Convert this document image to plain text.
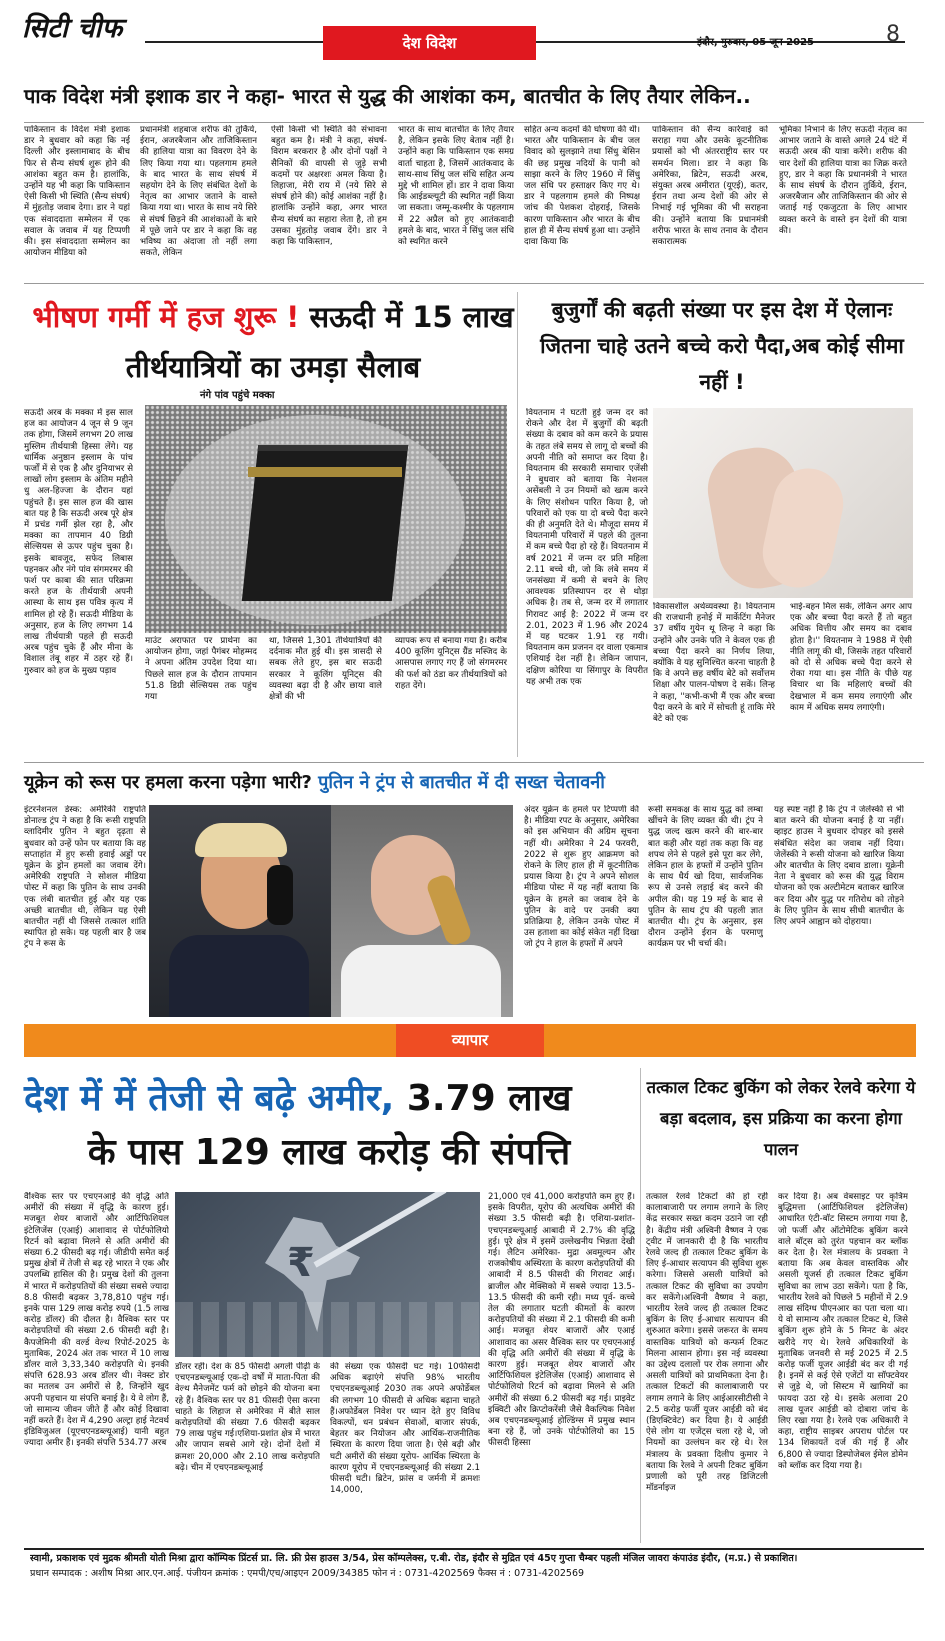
सिटी चीफ	देश विदेश	इंदौर, गुरुवार, 05 जून 2025	8
पाक विदेश मंत्री इशाक डार ने कहा- भारत से युद्ध की आशंका कम, बातचीत के लिए तैयार लेकिन..
पाकिस्तान के विदेश मंत्री इशाक डार ने बुधवार को कहा कि नई दिल्ली और इस्लामाबाद के बीच फिर से सैन्य संघर्ष शुरू होने की आशंका बहुत कम है। हालांकि, उन्होंने यह भी कहा कि पाकिस्तान ऐसी किसी भी स्थिति (सैन्य संघर्ष) में मुंहतोड़ जवाब देगा। डार ने यहां एक संवाददाता सम्मेलन में एक सवाल के जवाब में यह टिप्पणी की। इस संवाददाता सम्मेलन का आयोजन मीडिया को
प्रधानमंत्री शहबाज शरीफ की तुर्किये, ईरान, अजरबैजान और ताजिकिस्तान की हालिया यात्रा का विवरण देने के लिए किया गया था। पहलगाम हमले के बाद भारत के साथ संघर्ष में सहयोग देने के लिए संबंधित देशों के नेतृत्व का आभार जताने के वास्ते किया गया था। भारत के साथ नये सिरे से संघर्ष छिड़ने की आशंकाओं के बारे में पूछे जाने पर डार ने कहा कि वह भविष्य का अंदाजा तो नहीं लगा सकते, लेकिन
ऐसी किसी भी स्थिति की संभावना बहुत कम है। मंत्री ने कहा, संघर्ष-विराम बरकरार है और दोनों पक्षों ने सैनिकों की वापसी से जुड़े सभी कदमों पर अक्षरशः अमल किया है। लिहाजा, मेरी राय में (नये सिरे से संघर्ष होने की) कोई आशंका नहीं है। हालांकि उन्होंने कहा, अगर भारत सैन्य संघर्ष का सहारा लेता है, तो हम उसका मुंहतोड़ जवाब देंगे। डार ने कहा कि पाकिस्तान,
भारत के साथ बातचीत के लिए तैयार है, लेकिन इसके लिए बेताब नहीं है। उन्होंने कहा कि पाकिस्तान एक समग्र वार्ता चाहता है, जिसमें आतंकवाद के साथ-साथ सिंधु जल संधि सहित अन्य मुद्दे भी शामिल हों। डार ने दावा किया कि आईडब्ल्यूटी की स्थगित नहीं किया जा सकता। जम्मू-कश्मीर के पहलगाम में 22 अप्रैल को हुए आतंकवादी हमले के बाद, भारत ने सिंधु जल संधि को स्थगित करने
सहित अन्य कदमों की घोषणा की थी। भारत और पाकिस्तान के बीच जल विवाद को सुलझाने तथा सिंधु बेसिन की छह प्रमुख नदियों के पानी को साझा करने के लिए 1960 में सिंधु जल संधि पर हस्ताक्षर किए गए थे। डार ने पहलगाम हमले की निष्पक्ष जांच की पेशकश दोहराई, जिसके कारण पाकिस्तान और भारत के बीच हाल ही में सैन्य संघर्ष हुआ था। उन्होंने दावा किया कि
पाकिस्तान की सैन्य कार्रवाई को सराहा गया और उसके कूटनीतिक प्रयासों को भी अंतरराष्ट्रीय स्तर पर समर्थन मिला। डार ने कहा कि अमेरिका, ब्रिटेन, सऊदी अरब, संयुक्त अरब अमीरात (यूएई), कतर, ईरान तथा अन्य देशों की ओर से निभाई गई भूमिका की भी सराहना की। उन्होंने बताया कि प्रधानमंत्री शरीफ भारत के साथ तनाव के दौरान सकारात्मक
भूमिका निभाने के लिए सऊदी नेतृत्व का आभार जताने के वास्ते अगले 24 घंटे में सऊदी अरब की यात्रा करेंगे। शरीफ की चार देशों की हालिया यात्रा का जिक्र करते हुए, डार ने कहा कि प्रधानमंत्री ने भारत के साथ संघर्ष के दौरान तुर्किये, ईरान, अजरबैजान और ताजिकिस्तान की ओर से जताई गई एकजुटता के लिए आभार व्यक्त करने के वास्ते इन देशों की यात्रा की।
भीषण गर्मी में हज शुरू ! सऊदी में 15 लाख तीर्थयात्रियों का उमड़ा सैलाब
नंगे पांव पहुंचे मक्का
सऊदी अरब के मक्का में इस साल हज का आयोजन 4 जून से 9 जून तक होगा, जिसमें लगभग 20 लाख मुस्लिम तीर्थयात्री हिस्सा लेंगे। यह धार्मिक अनुष्ठान इस्लाम के पांच फर्जों में से एक है और दुनियाभर से लाखों लोग इस्लाम के अंतिम महीने धु अल-हिज्जा के दौरान यहां पहुंचते हैं। इस साल हज की खास बात यह है कि सऊदी अरब पूरे क्षेत्र में प्रचंड गर्मी झेल रहा है, और मक्का का तापमान 40 डिग्री सेल्सियस से ऊपर पहुंच चुका है। इसके बावजूद, सफेद लिबास पहनकर और नंगे पांव संगमरमर की फर्श पर काबा की सात परिक्रमा करते हज के तीर्थयात्री अपनी आस्था के साथ इस पवित्र कृत्य में शामिल हो रहे हैं। सऊदी मीडिया के अनुसार, हज के लिए लगभग 14 लाख तीर्थयात्री पहले ही सऊदी अरब पहुंच चुके हैं और मीना के विशाल तंबू शहर में ठहर रहे हैं। गुरुवार को हज के मुख्य पड़ाव
माउंट अराफात पर प्रार्थना का आयोजन होगा, जहां पैगंबर मोहम्मद ने अपना अंतिम उपदेश दिया था।पिछले साल हज के दौरान तापमान 51.8 डिग्री सेल्सियस तक पहुंच गया
था, जिससे 1,301 तीर्थयात्रियों की दर्दनाक मौत हुई थी। इस त्रासदी से सबक लेते हुए, इस बार सऊदी सरकार ने कूलिंग यूनिट्स की व्यवस्था बढ़ा दी है और छाया वाले क्षेत्रों की भी
व्यापक रूप से बनाया गया है। करीब 400 कूलिंग यूनिट्स ग्रैंड मस्जिद के आसपास लगाए गए हैं जो संगमरमर की फर्श को ठंडा कर तीर्थयात्रियों को राहत देंगे।
बुजुर्गों की बढ़ती संख्या पर इस देश में ऐलानः जितना चाहे उतने बच्चे करो पैदा,अब कोई सीमा नहीं !
वियतनाम ने घटती हुई जन्म दर को रोकने और देश में बुजुर्गों की बढ़ती संख्या के दबाव को कम करने के प्रयास के तहत लंबे समय से लागू दो बच्चों की अपनी नीति को समाप्त कर दिया है। वियतनाम की सरकारी समाचार एजेंसी ने बुधवार को बताया कि नेशनल असेंबली ने उन नियमों को खत्म करने के लिए संशोधन पारित किया है, जो परिवारों को एक या दो बच्चे पैदा करने की ही अनुमति देते थे। मौजूदा समय में वियतनामी परिवारों में पहले की तुलना में कम बच्चे पैदा हो रहे हैं। वियतनाम में वर्ष 2021 में जन्म दर प्रति महिला 2.11 बच्चे थी, जो कि लंबे समय में जनसंख्या में कमी से बचने के लिए आवश्यक प्रतिस्थापन दर से थोड़ा अधिक है। तब से, जन्म दर में लगातार गिरावट आई है: 2022 में जन्म दर 2.01, 2023 में 1.96 और 2024 में यह घटकर 1.91 रह गयी। वियतनाम कम प्रजनन दर वाला एकमात्र एशियाई देश नहीं है। लेकिन जापान, दक्षिण कोरिया या सिंगापुर के विपरीत यह अभी तक एक
विकासशील अर्थव्यवस्था है। वियतनाम की राजधानी हनोई में मार्केटिंग मैनेजर 37 वर्षीय गुयेन थू लिन्ह ने कहा कि उन्होंने और उनके पति ने केवल एक ही बच्चा पैदा करने का निर्णय लिया, क्योंकि वे यह सुनिश्चित करना चाहती है कि वे अपने छह वर्षीय बेटे को सर्वोत्तम शिक्षा और पालन-पोषण दे सकें। लिन्ह ने कहा, ''कभी-कभी मैं एक और बच्चा पैदा करने के बारे में सोचती हूं ताकि मेरे बेटे को एक
भाई-बहन मिल सके, लेकिन अगर आप एक और बच्चा पैदा करते हैं तो बहुत अधिक वित्तीय और समय का दबाव होता है।'' वियतनाम ने 1988 में ऐसी नीति लागू की थी, जिसके तहत परिवारों को दो से अधिक बच्चे पैदा करने से रोका गया था। इस नीति के पीछे यह विचार था कि महिलाएं बच्चों की देखभाल में कम समय लगाएंगी और काम में अधिक समय लगाएंगी।
यूक्रेन को रूस पर हमला करना पड़ेगा भारी? पुतिन ने ट्रंप से बातचीत में दी सख्त चेतावनी
इंटरनेशनल डेस्क: अमेरिकी राष्ट्रपति डोनाल्ड ट्रंप ने कहा है कि रूसी राष्ट्रपति व्लादिमीर पुतिन ने बहुत दृढ़ता से बुधवार को उन्हें फोन पर बताया कि वह सप्ताहांत में हुए रूसी हवाई अड्डों पर यूक्रेन के ड्रोन हमलों का जवाब देंगे। अमेरिकी राष्ट्रपति ने सोशल मीडिया पोस्ट में कहा कि पुतिन के साथ उनकी एक लंबी बातचीत हुई और यह एक अच्छी बातचीत थी, लेकिन यह ऐसी बातचीत नहीं थी जिससे तत्काल शांति स्थापित हो सके। यह पहली बार है जब ट्रंप ने रूस के
अंदर यूक्रेन के हमले पर टिप्पणी की है। मीडिया रपट के अनुसार, अमेरिका को इस अभियान की अग्रिम सूचना नहीं थी। अमेरिका ने 24 फरवरी, 2022 से शुरू हुए आक्रमण को रोकने के लिए हाल ही में कूटनीतिक प्रयास किया है। ट्रंप ने अपने सोशल मीडिया पोस्ट में यह नहीं बताया कि यूक्रेन के हमले का जवाब देने के पुतिन के वादे पर उनकी क्या प्रतिक्रिया है, लेकिन उनके पोस्ट में उस हताशा का कोई संकेत नहीं दिखा जो ट्रंप ने हाल के हफ्तों में अपने
रूसी समकक्ष के साथ युद्ध को लम्बा खींचने के लिए व्यक्त की थी। ट्रंप ने युद्ध जल्द खत्म करने की बार-बार बात कही और यहां तक कहा कि वह शपथ लेने से पहले इसे पूरा कर लेंगे, लेकिन हाल के हफ्तों में उन्होंने पुतिन के साथ धैर्य खो दिया, सार्वजनिक रूप से उनसे लड़ाई बंद करने की अपील की। यह 19 मई के बाद से पुतिन के साथ ट्रंप की पहली ज्ञात बातचीत थी। ट्रंप के अनुसार, इस दौरान उन्होंने ईरान के परमाणु कार्यक्रम पर भी चर्चा की।
यह स्पष्ट नहीं है कि ट्रंप ने जेलेंस्की से भी बात करने की योजना बनाई है या नहीं। व्हाइट हाउस ने बुधवार दोपहर को इससे संबंधित संदेश का जवाब नहीं दिया। जेलेंस्की ने रूसी योजना को खारिज किया और बातचीत के लिए दबाव डाला। यूक्रेनी नेता ने बुधवार को रूस की युद्ध विराम योजना को एक अल्टीमेटम बताकर खारिज कर दिया और युद्ध पर गतिरोध को तोड़ने के लिए पुतिन के साथ सीधी बातचीत के लिए अपने आह्वान को दोहराया।
व्यापार
देश में में तेजी से बढ़े अमीर, 3.79 लाख
के पास 129 लाख करोड़ की संपत्ति
वैश्विक स्तर पर एचएनआई की वृद्धि अति अमीरों की संख्या में वृद्धि के कारण हुई। मजबूत शेयर बाजारों और आर्टिफिशियल इंटेलिजेंस (एआई) आशावाद से पोर्टफोलियो रिटर्न को बढ़ावा मिलने से अति अमीरों की संख्या 6.2 फीसदी बढ़ गई। जीडीपी समेत कई प्रमुख क्षेत्रों में तेजी से बढ़ रहे भारत ने एक और उपलब्धि हासिल की है। प्रमुख देशों की तुलना में भारत में करोड़पतियों की संख्या सबसे ज्यादा 8.8 फीसदी बढ़कर 3,78,810 पहुंच गई। इनके पास 129 लाख करोड़ रुपये (1.5 लाख करोड़ डॉलर) की दौलत है। वैश्विक स्तर पर करोड़पतियों की संख्या 2.6 फीसदी बढ़ी है। कैपजेमिनी की वर्ल्ड वेल्थ रिपोर्ट-2025 के मुताबिक, 2024 अंत तक भारत में 10 लाख डॉलर वाले 3,33,340 करोड़पति थे। इनकी संपत्ति 628.93 अरब डॉलर थी। नेक्स्ट डोर का मतलब उन अमीरों से है, जिन्होंने खुद अपनी पहचान या संपत्ति बनाई है। ये वे लोग हैं, जो सामान्य जीवन जीते हैं और कोई दिखावा नहीं करते हैं। देश में 4,290 अल्ट्रा हाई नेटवर्थ इंडिविजुअल (यूएचएनडब्ल्यूआई) यानी बहुत ज्यादा अमीर हैं। इनकी संपत्ति 534.77 अरब
₹
डॉलर रही। देश के 85 फीसदी अगली पीढ़ी के एचएनडब्ल्यूआई एक-दो वर्षों में माता-पिता की वेल्थ मैनेजमेंट फर्म को छोड़ने की योजना बना रहे हैं। वैश्विक स्तर पर 81 फीसदी ऐसा करना चाहते के लिहाज से अमेरिका में बीते साल करोड़पतियों की संख्या 7.6 फीसदी बढ़कर 79 लाख पहुंच गई।एशिया-प्रशांत क्षेत्र में भारत और जापान सबसे आगे रहे। दोनों देशों में क्रमशः 20,000 और 2.10 लाख करोड़पति बढ़े। चीन में एचएनडब्ल्यूआई
की संख्या एक फीसदी घट गई। 10फीसदी अधिक बढ़ाएंगे संपत्ति 98% भारतीय एचएनडब्ल्यूआई 2030 तक अपने अफोर्डेबल की लगभग 10 फीसदी से अधिक बढ़ाना चाहते हैं।अफोर्डेबल निवेश पर ध्यान देते हुए विविध विकल्पों, धन प्रबंधन सेवाओं, बाजार संपर्क, बेहतर कर नियोजन और आर्थिक-राजनीतिक स्थिरता के कारण दिया जाता है। ऐसे बढ़ी और घटी अमीरों की संख्या यूरोप- आर्थिक स्थिरता के कारण यूरोप में एचएनडब्ल्यूआई की संख्या 2.1 फीसदी घटी। ब्रिटेन, फ्रांस व जर्मनी में क्रमशः 14,000,
21,000 एवं 41,000 करोड़पति कम हुए हैं। इसके विपरीत, यूरोप की अत्यधिक अमीरों की संख्या 3.5 फीसदी बढ़ी है। एशिया-प्रशांत- एचएनडब्ल्यूआई आबादी में 2.7% की वृद्धि हुई। पूरे क्षेत्र में इसमें उल्लेखनीय भिन्नता देखी गई। लैटिन अमेरिका- मुद्रा अवमूल्यन और राजकोषीय अस्थिरता के कारण करोड़पतियों की आबादी में 8.5 फीसदी की गिरावट आई। ब्राजील और मेक्सिको में सबसे ज्यादा 13.5-13.5 फीसदी की कमी रही। मध्य पूर्व- कच्चे तेल की लगातार घटती कीमतों के कारण करोड़पतियों की संख्या में 2.1 फीसदी की कमी आई। मजबूत शेयर बाजारों और एआई आशावाद का असर वैश्विक स्तर पर एचएनआई की वृद्धि अति अमीरों की संख्या में वृद्धि के कारण हुई। मजबूत शेयर बाजारों और आर्टिफिशियल इंटेलिजेंस (एआई) आशावाद से पोर्टफोलियो रिटर्न को बढ़ावा मिलने से अति अमीरों की संख्या 6.2 फीसदी बढ़ गई। प्राइवेट इक्विटी और क्रिप्टोकरेंसी जैसे वैकल्पिक निवेश अब एचएनडब्ल्यूआई होल्डिंग्स में प्रमुख स्थान बना रहे हैं, जो उनके पोर्टफोलियो का 15 फीसदी हिस्सा
तत्काल टिकट बुकिंग को लेकर रेलवे करेगा ये बड़ा बदलाव, इस प्रक्रिया का करना होगा पालन
तत्काल रेलवे टिकटों की हो रही कालाबाजारी पर लगाम लगाने के लिए केंद्र सरकार सख्त कदम उठाने जा रही है। केंद्रीय मंत्री अश्विनी वैष्णव ने एक ट्वीट में जानकारी दी है कि भारतीय रेलवे जल्द ही तत्काल टिकट बुकिंग के लिए ई-आधार सत्यापन की सुविधा शुरू करेगा। जिससे असली यात्रियों को तत्काल टिकट की सुविधा का उपयोग कर सकेंगे।अश्विनी वैष्णव ने कहा, भारतीय रेलवे जल्द ही तत्काल टिकट बुकिंग के लिए ई-आधार सत्यापन की शुरुआत करेगा। इससे जरूरत के समय वास्तविक यात्रियों को कन्फर्म टिकट मिलना आसान होगा। इस नई व्यवस्था का उद्देश्य दलालों पर रोक लगाना और असली यात्रियों को प्राथमिकता देना है। तत्काल टिकटों की कालाबाजारी पर लगाम लगाने के लिए आईआरसीटीसी ने 2.5 करोड़ फर्जी यूजर आईडी को बंद (डिएक्टिवेट) कर दिया है। ये आईडी ऐसे लोग या एजेंट्स चला रहे थे, जो नियमों का उल्लंघन कर रहे थे। रेल मंत्रालय के प्रवक्ता दिलीप कुमार ने बताया कि रेलवे ने अपनी टिकट बुकिंग प्रणाली को पूरी तरह डिजिटली मॉडर्नाइज
कर दिया है। अब वेबसाइट पर कृत्रिम बुद्धिमत्ता (आर्टिफिशियल इंटेलिजेंस) आधारित एंटी-बॉट सिस्टम लगाया गया है, जो फर्जी और ऑटोमेटिक बुकिंग करने वाले बॉट्स को तुरंत पहचान कर ब्लॉक कर देता है। रेल मंत्रालय के प्रवक्ता ने बताया कि अब केवल वास्तविक और असली यूजर्स ही तत्काल टिकट बुकिंग सुविधा का लाभ उठा सकेंगे। पता है कि, भारतीय रेलवे को पिछले 5 महीनों में 2.9 लाख संदिग्ध पीएनआर का पता चला था। ये वो सामान्य और तत्काल टिकट थे, जिसे बुकिंग शुरू होने के 5 मिनट के अंदर खरीदे गए थे। रेलवे अधिकारियों के मुताबिक जनवरी से मई 2025 में 2.5 करोड़ फर्जी यूजर आईडी बंद कर दी गई है। इनमें से कई ऐसे एजेंटों या सॉफ्टवेयर से जुड़े थे, जो सिस्टम में खामियों का फायदा उठा रहे थे। इसके अलावा 20 लाख यूजर आईडी को दोबारा जांच के लिए रखा गया है। रेलवे एक अधिकारी ने कहा, राष्ट्रीय साइबर अपराध पोर्टल पर 134 शिकायतें दर्ज की गई हैं और 6,800 से ज्यादा डिस्पोजेबल ईमेल डोमेन को ब्लॉक कर दिया गया है।
स्वामी, प्रकाशक एवं मुद्रक श्रीमती योती मिश्रा द्वारा कॉम्पिक प्रिंटर्स प्रा. लि. फ्री प्रेस हाउस 3/54, प्रेस कॉम्पलेक्स, ए.बी. रोड, इंदौर से मुद्रित एवं 45ए गुप्ता चैम्बर पहली मंजिल जावरा कंपाउंड इंदौर, (म.प्र.) से प्रकाशित।
प्रधान सम्पादक : अशीष मिश्रा आर.एन.आई. पंजीयन क्रमांक : एमपी/एच/आइएन 2009/34385 फोन नं : 0731-4202569 फैक्स नं : 0731-4202569
